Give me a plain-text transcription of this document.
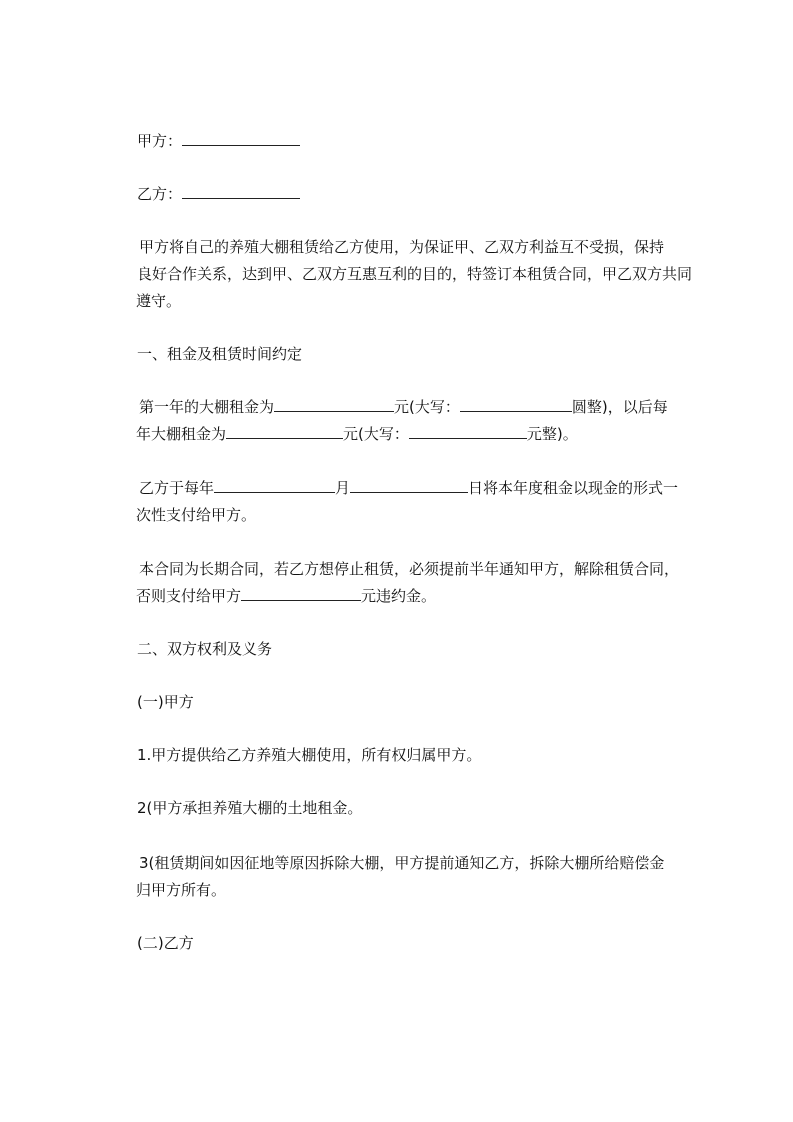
甲方：
乙方：
甲方将自己的养殖大棚租赁给乙方使用，为保证甲、乙双方利益互不受损，保持
良好合作关系，达到甲、乙双方互惠互利的目的，特签订本租赁合同，甲乙双方共同
遵守。
一、租金及租赁时间约定
第一年的大棚租金为	元(大写：	圆整)，以后每
年大棚租金为	元(大写：	元整)。
乙方于每年	月	日将本年度租金以现金的形式一
次性支付给甲方。
本合同为长期合同，若乙方想停止租赁，必须提前半年通知甲方，解除租赁合同，
否则支付给甲方	元违约金。
二、双方权利及义务
(一)甲方
1.甲方提供给乙方养殖大棚使用，所有权归属甲方。
2(甲方承担养殖大棚的土地租金。
3(租赁期间如因征地等原因拆除大棚，甲方提前通知乙方，拆除大棚所给赔偿金
归甲方所有。
(二)乙方
